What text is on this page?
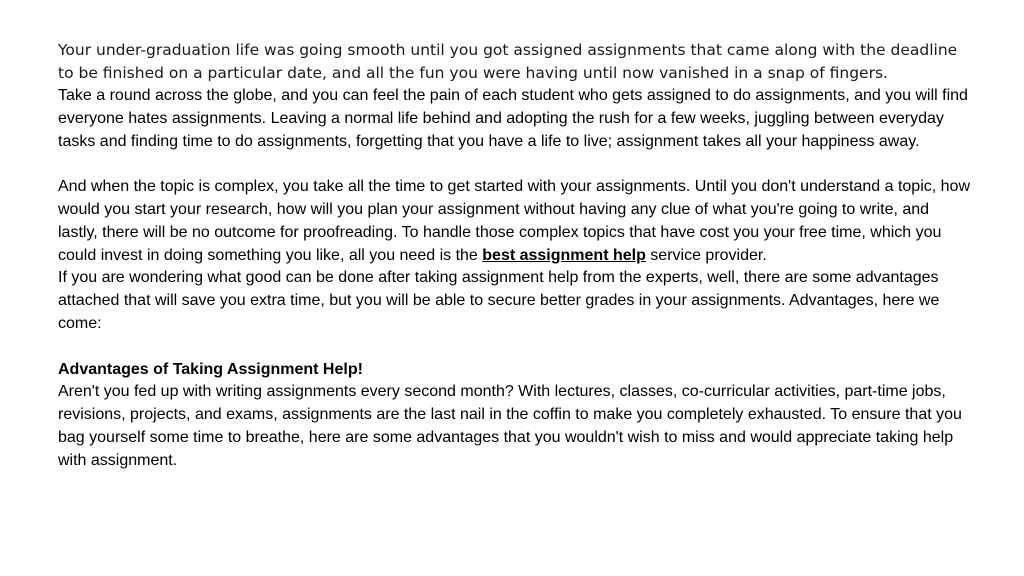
Your under-graduation life was going smooth until you got assigned assignments that came along with the deadline to be finished on a particular date, and all the fun you were having until now vanished in a snap of fingers.

Take a round across the globe, and you can feel the pain of each student who gets assigned to do assignments, and you will find everyone hates assignments. Leaving a normal life behind and adopting the rush for a few weeks, juggling between everyday tasks and finding time to do assignments, forgetting that you have a life to live; assignment takes all your happiness away.

And when the topic is complex, you take all the time to get started with your assignments. Until you don't understand a topic, how would you start your research, how will you plan your assignment without having any clue of what you're going to write, and lastly, there will be no outcome for proofreading. To handle those complex topics that have cost you your free time, which you could invest in doing something you like, all you need is the best assignment help service provider.

If you are wondering what good can be done after taking assignment help from the experts, well, there are some advantages attached that will save you extra time, but you will be able to secure better grades in your assignments. Advantages, here we come:

Advantages of Taking Assignment Help!

Aren't you fed up with writing assignments every second month? With lectures, classes, co-curricular activities, part-time jobs, revisions, projects, and exams, assignments are the last nail in the coffin to make you completely exhausted. To ensure that you bag yourself some time to breathe, here are some advantages that you wouldn't wish to miss and would appreciate taking help with assignment.
